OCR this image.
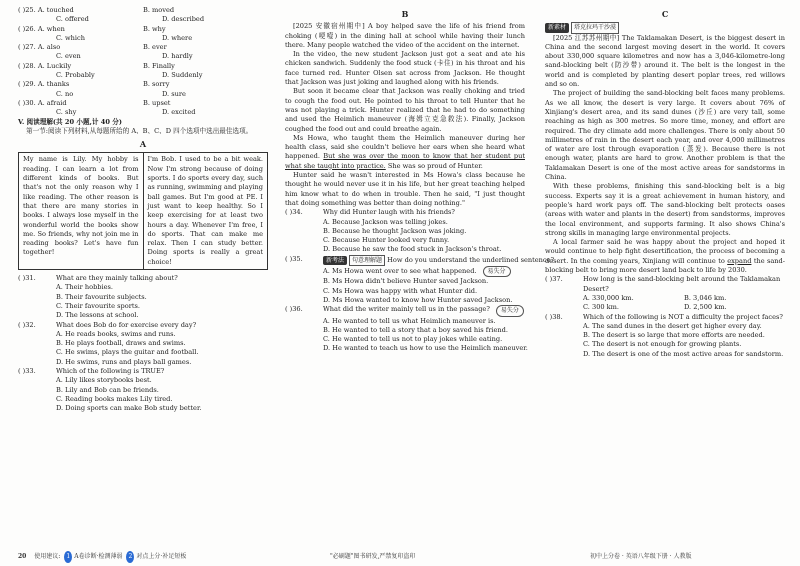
( )25. A. touched	B. moved
C. offered	D. described
( )26. A. when	B. why
C. which	D. where
( )27. A. also	B. ever
C. even	D. hardly
( )28. A. Luckily	B. Finally
C. Probably	D. Suddenly
( )29. A. thanks	B. sorry
C. no	D. sure
( )30. A. afraid	B. upset
C. shy	D. excited

V. 阅读理解(共 20 小题,计 40 分)

第一节:阅读下列材料,从每题所给的 A、B、C、D 四个选项中选出最佳选项。

A

My name is Lily. My hobby is reading. I can learn a lot from different kinds of books. But that's not the only reason why I like reading. The other reason is that there are many stories in books. I always lose myself in the wonderful world the books show me. So friends, why not join me in reading books? Let's have fun together!
I'm Bob. I used to be a bit weak. Now I'm strong because of doing sports. I do sports every day, such as running, swimming and playing ball games. But I'm good at PE. I just want to keep healthy. So I keep exercising for at least two hours a day. Whenever I'm free, I do sports. That can make me relax. Then I can study better. Doing sports is really a great choice!
( )31.	What are they mainly talking about?

A. Their hobbies.

B. Their favourite subjects.

C. Their favourite sports.

D. The lessons at school.

( )32.	What does Bob do for exercise every day?

A. He reads books, swims and runs.

B. He plays football, draws and swims.

C. He swims, plays the guitar and football.

D. He swims, runs and plays ball games.

( )33.	Which of the following is TRUE?

A. Lily likes storybooks best.

B. Lily and Bob can be friends.

C. Reading books makes Lily tired.

D. Doing sports can make Bob study better.

B

[2025 安徽宿州期中] A boy helped save the life of his friend from choking (哽噎) in the dining hall at school while having their lunch there. Many people watched the video of the accident on the internet.

In the video, the new student Jackson just got a seat and ate his chicken sandwich. Suddenly the food stuck (卡住) in his throat and his face turned red. Hunter Olsen sat across from Jackson. He thought that Jackson was just joking and laughed along with his friends.

But soon it became clear that Jackson was really choking and tried to cough the food out. He pointed to his throat to tell Hunter that he was not playing a trick. Hunter realized that he had to do something and used the Heimlich maneuver (海姆立克急救法). Finally, Jackson coughed the food out and could breathe again.

Ms Howa, who taught them the Heimlich maneuver during her health class, said she couldn't believe her ears when she heard what happened. But she was over the moon to know that her student put what she taught into practice. She was so proud of Hunter.

Hunter said he wasn't interested in Ms Howa's class because he thought he would never use it in his life, but her great teaching helped him know what to do when in trouble. Then he said, "I just thought that doing something was better than doing nothing."

( )34.	Why did Hunter laugh with his friends?

A. Because Jackson was telling jokes.

B. Because he thought Jackson was joking.

C. Because Hunter looked very funny.

D. Because he saw the food stuck in Jackson's throat.

( )35.	新考法 句意理解题 How do you understand the underlined sentence?

A. Ms Howa went over to see what happened. 易失分

B. Ms Howa didn't believe Hunter saved Jackson.

C. Ms Howa was happy with what Hunter did.

D. Ms Howa wanted to know how Hunter saved Jackson.

( )36.	What did the writer mainly tell us in the passage?	易失分

A. He wanted to tell us what Heimlich maneuver is.

B. He wanted to tell a story that a boy saved his friend.

C. He wanted to tell us not to play jokes while eating.

D. He wanted to teach us how to use the Heimlich maneuver.

C

新素材 塔克拉玛干沙漠

[2025 江苏苏州期中] The Taklamakan Desert, is the biggest desert in China and the second largest moving desert in the world. It covers about 330,000 square kilometres and now has a 3,046-kilometre-long sand-blocking belt (防沙带) around it. The belt is the longest in the world and is completed by planting desert poplar trees, red willows and so on.

The project of building the sand-blocking belt faces many problems. As we all know, the desert is very large. It covers about 76% of Xinjiang's desert area, and its sand dunes (沙丘) are very tall, some reaching as high as 300 metres. So more time, money, and effort are required. The dry climate add more challenges. There is only about 50 millimetres of rain in the desert each year, and over 4,000 millimetres of water are lost through evaporation (蒸发). Because there is not enough water, plants are hard to grow. Another problem is that the Taklamakan Desert is one of the most active areas for sandstorms in China.

With these problems, finishing this sand-blocking belt is a big success. Experts say it is a great achievement in human history, and people's hard work pays off. The sand-blocking belt protects oases (areas with water and plants in the desert) from sandstorms, improves the local environment, and supports farming. It also shows China's strong skills in managing large environmental projects.

A local farmer said he was happy about the project and hoped it would continue to help fight desertification, the process of becoming a desert. In the coming years, Xinjiang will continue to expand the sand-blocking belt to bring more desert land back to life by 2030.

( )37.	How long is the sand-blocking belt around the Taklamakan Desert?
A. 330,000 km.	B. 3,046 km.
C. 300 km.	D. 2,500 km.
( )38.	Which of the following is NOT a difficulty the project faces?

A. The sand dunes in the desert get higher every day.

B. The desert is so large that more efforts are needed.

C. The desert is not enough for growing plants.

D. The desert is one of the most active areas for sandstorm.

20 使用建议: 1 A卷诊断·检测薄弱 2 对点上分·补足短板	"必刷题"图书研发,严禁复印盗印	初中上分卷 · 英语八年级下册 · 人教版
